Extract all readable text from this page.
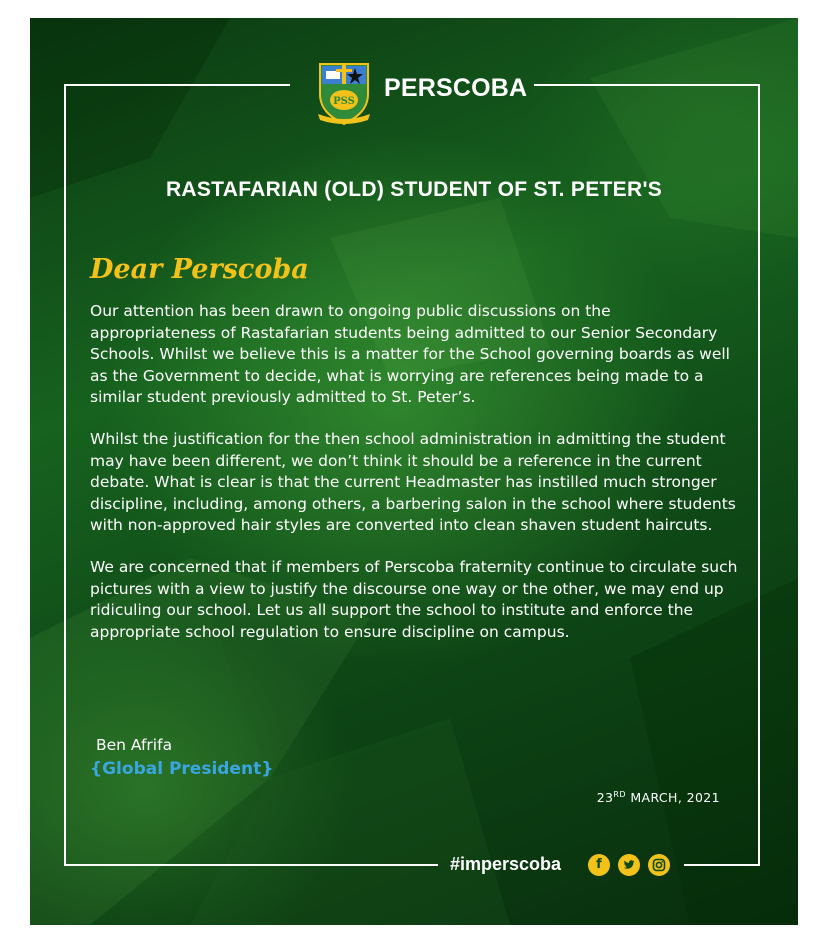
PSS PERSCOBA
RASTAFARIAN (OLD) STUDENT OF ST. PETER'S
Dear Perscoba

Our attention has been drawn to ongoing public discussions on the appropriateness of Rastafarian students being admitted to our Senior Secondary Schools. Whilst we believe this is a matter for the School governing boards as well as the Government to decide, what is worrying are references being made to a similar student previously admitted to St. Peter’s.

Whilst the justification for the then school administration in admitting the student may have been different, we don’t think it should be a reference in the current debate. What is clear is that the current Headmaster has instilled much stronger discipline, including, among others, a barbering salon in the school where students with non-approved hair styles are converted into clean shaven student haircuts.

We are concerned that if members of Perscoba fraternity continue to circulate such pictures with a view to justify the discourse one way or the other, we may end up ridiculing our school. Let us all support the school to institute and enforce the appropriate school regulation to ensure discipline on campus.

Ben Afrifa
{Global President}
23RD MARCH, 2021
#imperscoba	f
